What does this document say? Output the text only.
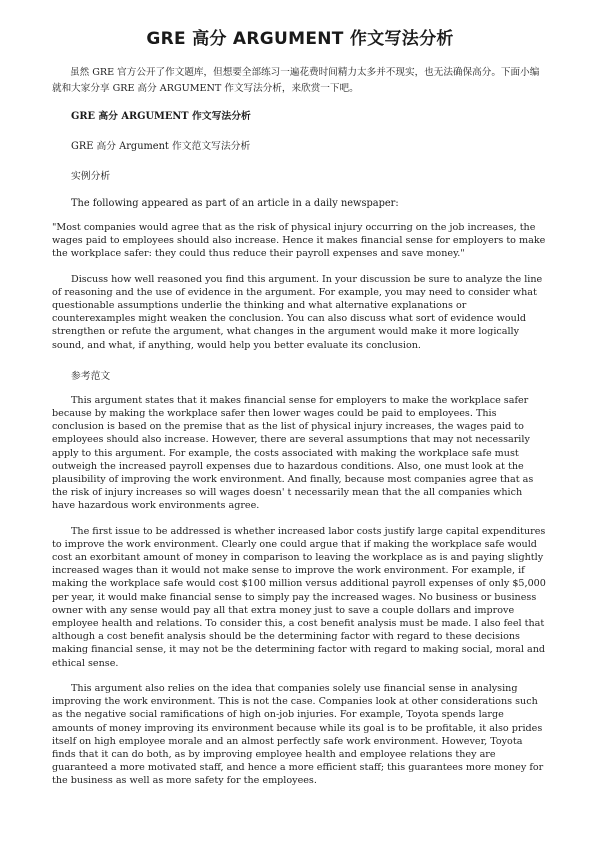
GRE 高分 ARGUMENT 作文写法分析

虽然 GRE 官方公开了作文题库，但想要全部练习一遍花费时间精力太多并不现实，也无法确保高分。下面小编就和大家分享 GRE 高分 ARGUMENT 作文写法分析，来欣赏一下吧。

GRE 高分 ARGUMENT 作文写法分析
GRE 高分 Argument 作文范文写法分析
实例分析
The following appeared as part of an article in a daily newspaper:

"Most companies would agree that as the risk of physical injury occurring on the job increases, the wages paid to employees should also increase. Hence it makes financial sense for employers to make the workplace safer: they could thus reduce their payroll expenses and save money."

Discuss how well reasoned you find this argument. In your discussion be sure to analyze the line of reasoning and the use of evidence in the argument. For example, you may need to consider what questionable assumptions underlie the thinking and what alternative explanations or counterexamples might weaken the conclusion. You can also discuss what sort of evidence would strengthen or refute the argument, what changes in the argument would make it more logically sound, and what, if anything, would help you better evaluate its conclusion.

参考范文

This argument states that it makes financial sense for employers to make the workplace safer because by making the workplace safer then lower wages could be paid to employees. This conclusion is based on the premise that as the list of physical injury increases, the wages paid to employees should also increase. However, there are several assumptions that may not necessarily apply to this argument. For example, the costs associated with making the workplace safe must outweigh the increased payroll expenses due to hazardous conditions. Also, one must look at the plausibility of improving the work environment. And finally, because most companies agree that as the risk of injury increases so will wages doesn' t necessarily mean that the all companies which have hazardous work environments agree.

The first issue to be addressed is whether increased labor costs justify large capital expenditures to improve the work environment. Clearly one could argue that if making the workplace safe would cost an exorbitant amount of money in comparison to leaving the workplace as is and paying slightly increased wages than it would not make sense to improve the work environment. For example, if making the workplace safe would cost $100 million versus additional payroll expenses of only $5,000 per year, it would make financial sense to simply pay the increased wages. No business or business owner with any sense would pay all that extra money just to save a couple dollars and improve employee health and relations. To consider this, a cost benefit analysis must be made. I also feel that although a cost benefit analysis should be the determining factor with regard to these decisions making financial sense, it may not be the determining factor with regard to making social, moral and ethical sense.

This argument also relies on the idea that companies solely use financial sense in analysing improving the work environment. This is not the case. Companies look at other considerations such as the negative social ramifications of high on-job injuries. For example, Toyota spends large amounts of money improving its environment because while its goal is to be profitable, it also prides itself on high employee morale and an almost perfectly safe work environment. However, Toyota finds that it can do both, as by improving employee health and employee relations they are guaranteed a more motivated staff, and hence a more efficient staff; this guarantees more money for the business as well as more safety for the employees.
